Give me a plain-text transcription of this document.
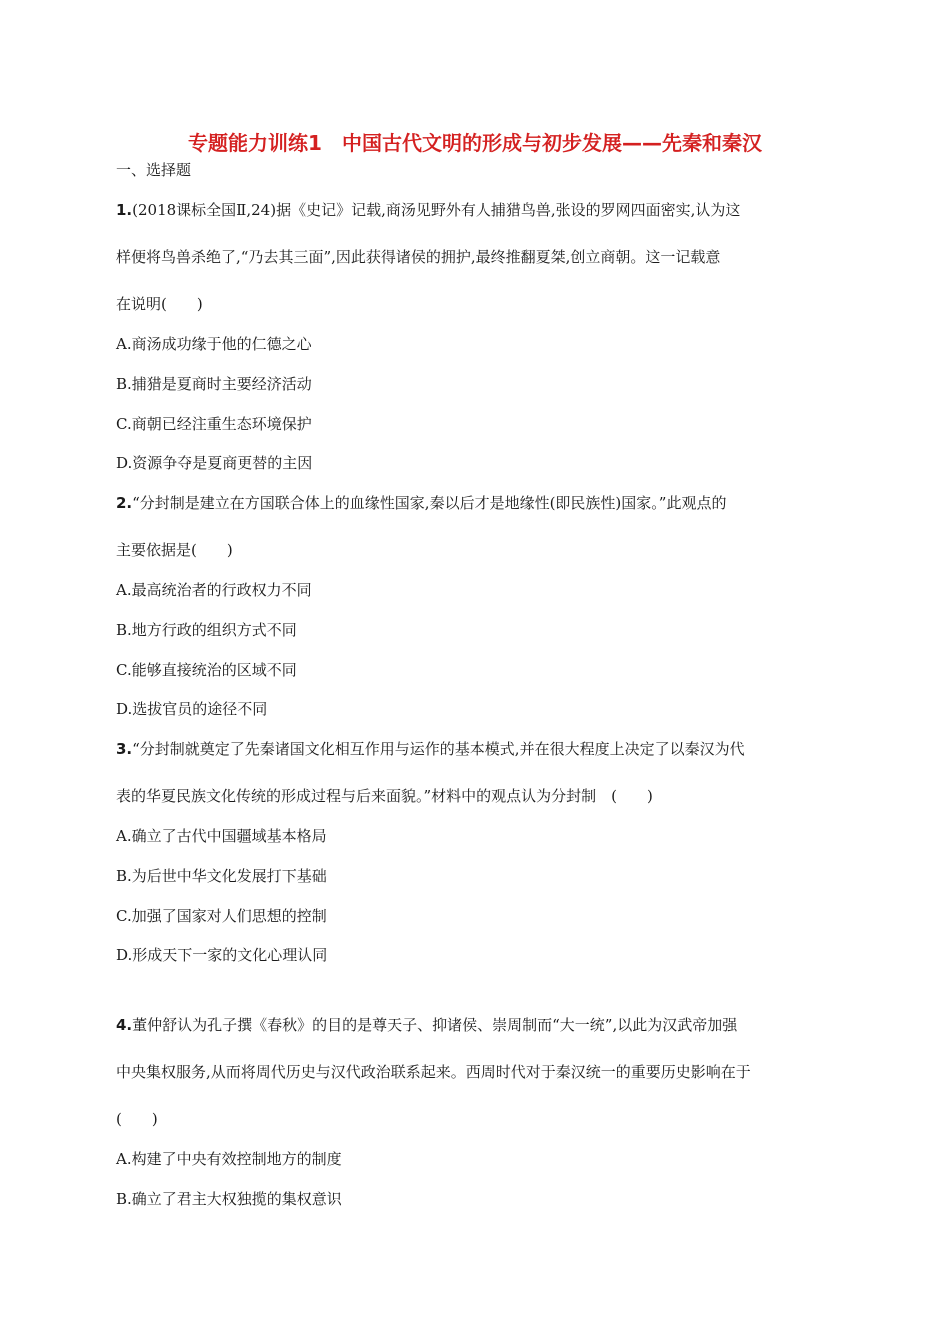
专题能力训练1　中国古代文明的形成与初步发展——先秦和秦汉
一、选择题
1.(2018课标全国Ⅱ,24)据《史记》记载,商汤见野外有人捕猎鸟兽,张设的罗网四面密实,认为这
样便将鸟兽杀绝了,“乃去其三面”,因此获得诸侯的拥护,最终推翻夏桀,创立商朝。这一记载意
在说明(　　)
A.商汤成功缘于他的仁德之心
B.捕猎是夏商时主要经济活动
C.商朝已经注重生态环境保护
D.资源争夺是夏商更替的主因
2.“分封制是建立在方国联合体上的血缘性国家,秦以后才是地缘性(即民族性)国家。”此观点的
主要依据是(　　)
A.最高统治者的行政权力不同
B.地方行政的组织方式不同
C.能够直接统治的区域不同
D.选拔官员的途径不同
3.“分封制就奠定了先秦诸国文化相互作用与运作的基本模式,并在很大程度上决定了以秦汉为代
表的华夏民族文化传统的形成过程与后来面貌。”材料中的观点认为分封制　(　　)
A.确立了古代中国疆域基本格局
B.为后世中华文化发展打下基础
C.加强了国家对人们思想的控制
D.形成天下一家的文化心理认同
4.董仲舒认为孔子撰《春秋》的目的是尊天子、抑诸侯、崇周制而“大一统”,以此为汉武帝加强
中央集权服务,从而将周代历史与汉代政治联系起来。西周时代对于秦汉统一的重要历史影响在于
(　　)
A.构建了中央有效控制地方的制度
B.确立了君主大权独揽的集权意识
